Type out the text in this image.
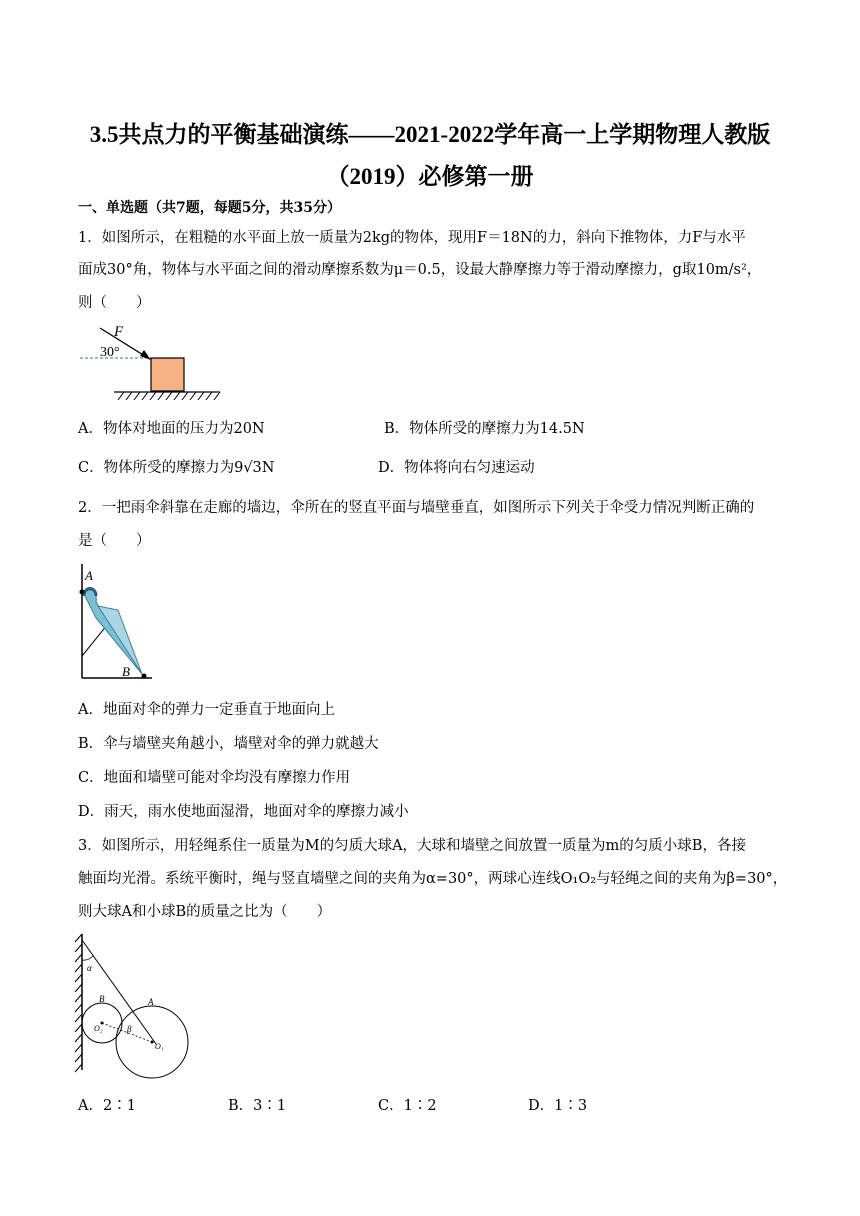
3.5共点力的平衡基础演练——2021-2022学年高一上学期物理人教版
（2019）必修第一册
一、单选题（共7题，每题5分，共35分）
1．如图所示，在粗糙的水平面上放一质量为2kg的物体，现用F＝18N的力，斜向下推物体，力F与水平
面成30°角，物体与水平面之间的滑动摩擦系数为μ＝0.5，设最大静摩擦力等于滑动摩擦力，g取10m/s²，
则（　　）
F
30°
A．物体对地面的压力为20N	B．物体所受的摩擦力为14.5N
C．物体所受的摩擦力为9√3N	D．物体将向右匀速运动
2．一把雨伞斜靠在走廊的墙边，伞所在的竖直平面与墙壁垂直，如图所示下列关于伞受力情况判断正确的
是（　　）
A
B
A．地面对伞的弹力一定垂直于地面向上
B．伞与墙壁夹角越小，墙壁对伞的弹力就越大
C．地面和墙壁可能对伞均没有摩擦力作用
D．雨天，雨水使地面湿滑，地面对伞的摩擦力减小
3．如图所示，用轻绳系住一质量为M的匀质大球A，大球和墙壁之间放置一质量为m的匀质小球B，各接
触面均光滑。系统平衡时，绳与竖直墙壁之间的夹角为α=30°，两球心连线O₁O₂与轻绳之间的夹角为β=30°，
则大球A和小球B的质量之比为（　　）
α
β
B	A
O₂
O₁
A．2∶1	B．3∶1	C．1∶2	D．1∶3
